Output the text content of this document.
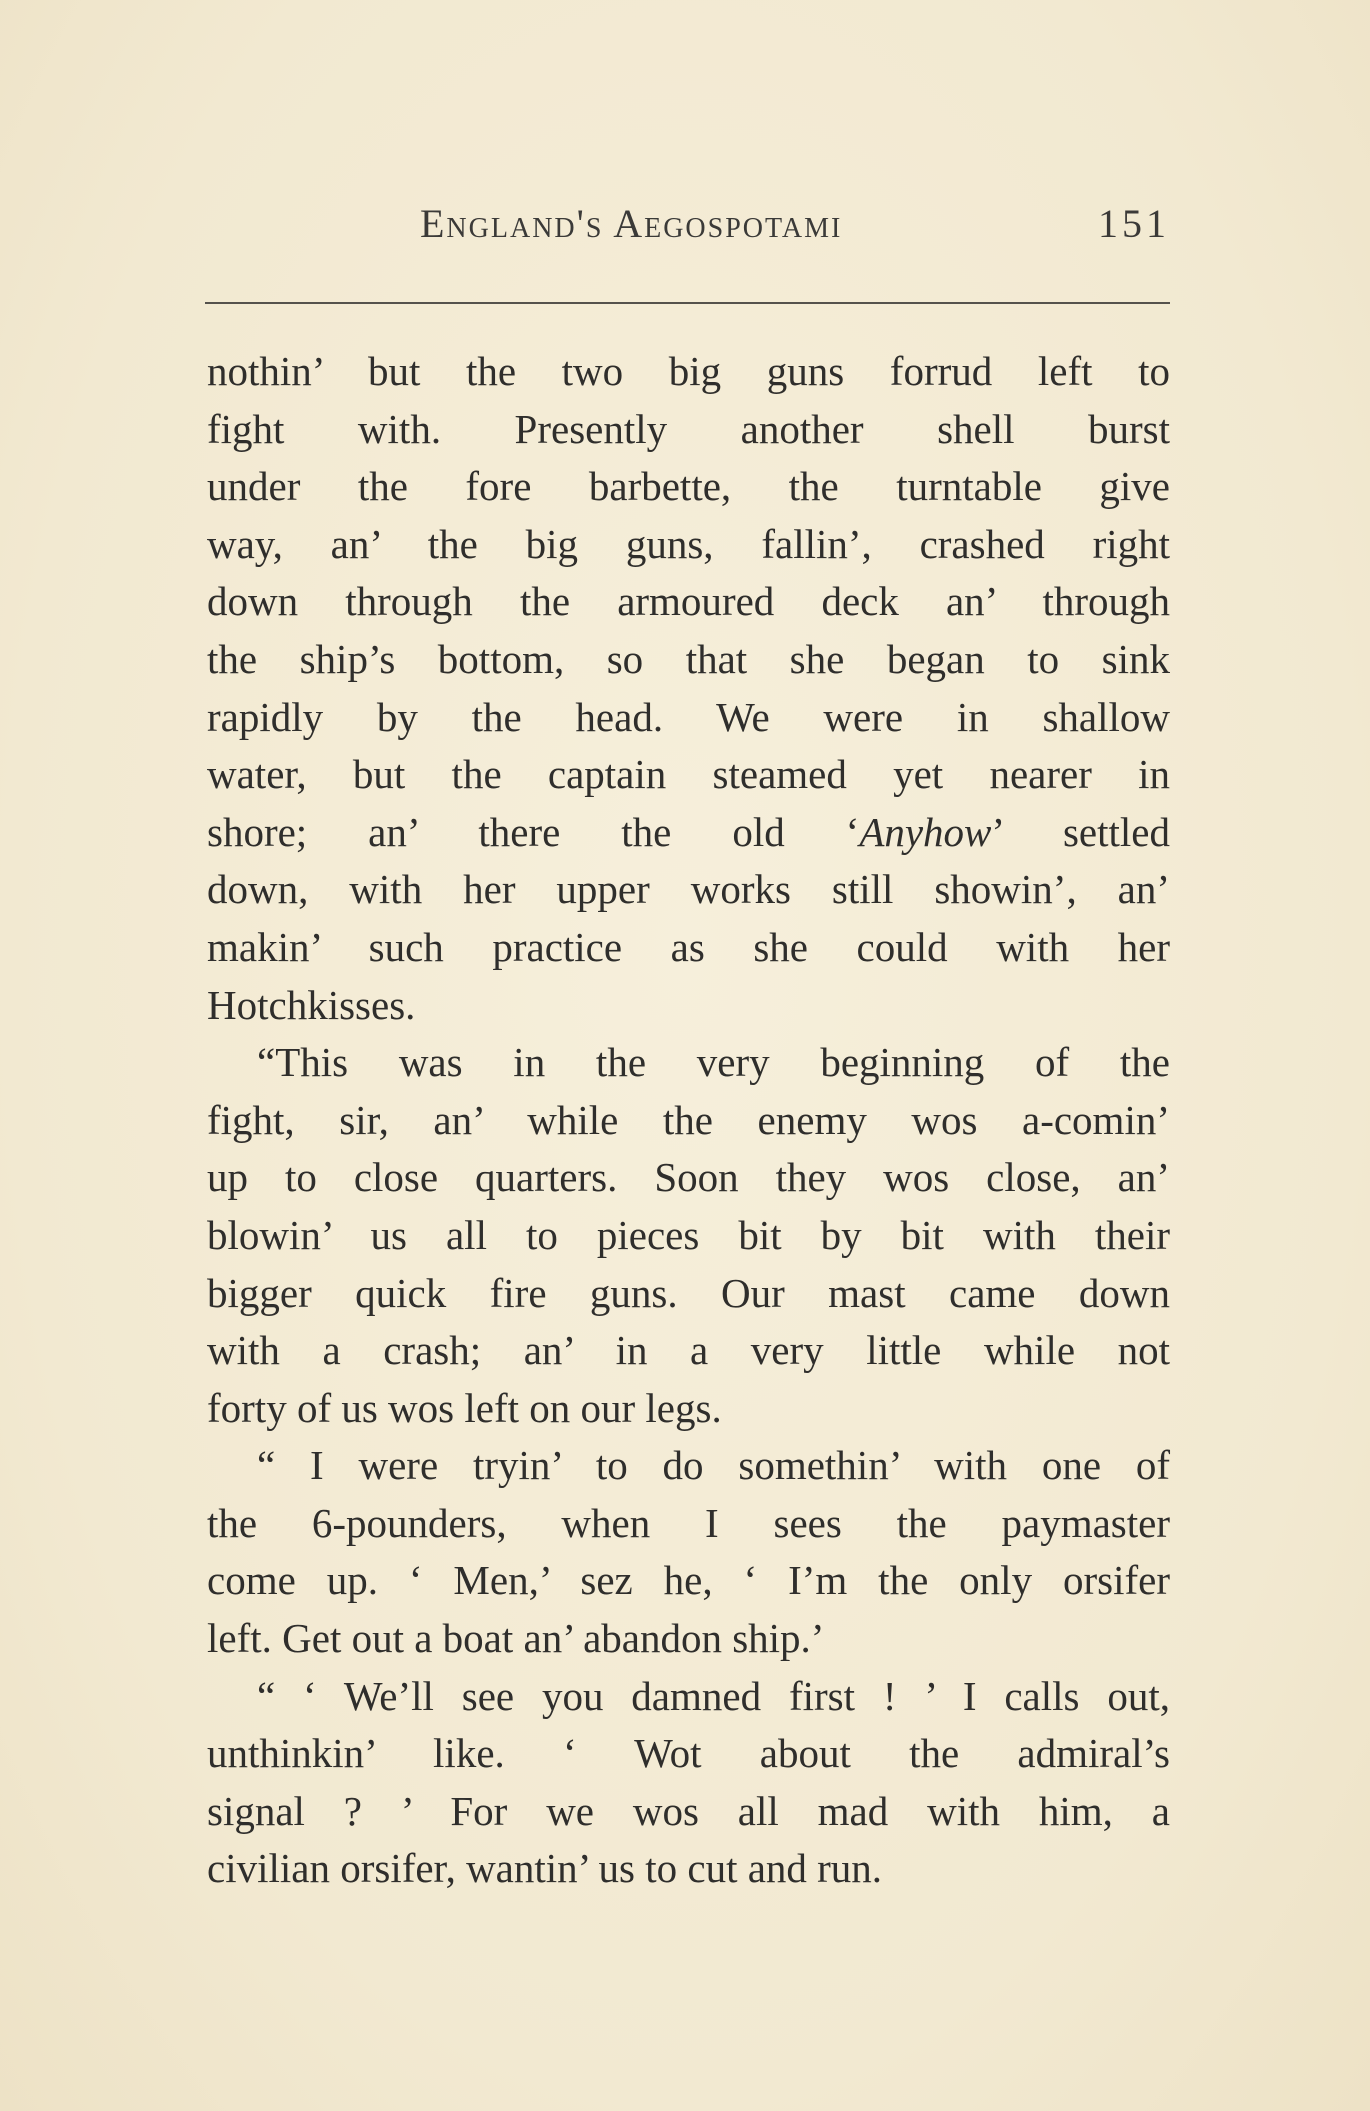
England's Aegospotami	151
nothin’ but the two big guns forrud left to
fight with. Presently another shell burst
under the fore barbette, the turntable give
way, an’ the big guns, fallin’, crashed right
down through the armoured deck an’ through
the ship’s bottom, so that she began to sink
rapidly by the head. We were in shallow
water, but the captain steamed yet nearer in
shore; an’ there the old ‘Anyhow’ settled
down, with her upper works still showin’, an’
makin’ such practice as she could with her
Hotchkisses.
“This was in the very beginning of the
fight, sir, an’ while the enemy wos a-comin’
up to close quarters. Soon they wos close, an’
blowin’ us all to pieces bit by bit with their
bigger quick fire guns. Our mast came down
with a crash; an’ in a very little while not
forty of us wos left on our legs.
“ I were tryin’ to do somethin’ with one of
the 6-pounders, when I sees the paymaster
come up. ‘ Men,’ sez he, ‘ I’m the only orsifer
left. Get out a boat an’ abandon ship.’
“ ‘ We’ll see you damned first ! ’ I calls out,
unthinkin’ like. ‘ Wot about the admiral’s
signal ? ’ For we wos all mad with him, a
civilian orsifer, wantin’ us to cut and run.
